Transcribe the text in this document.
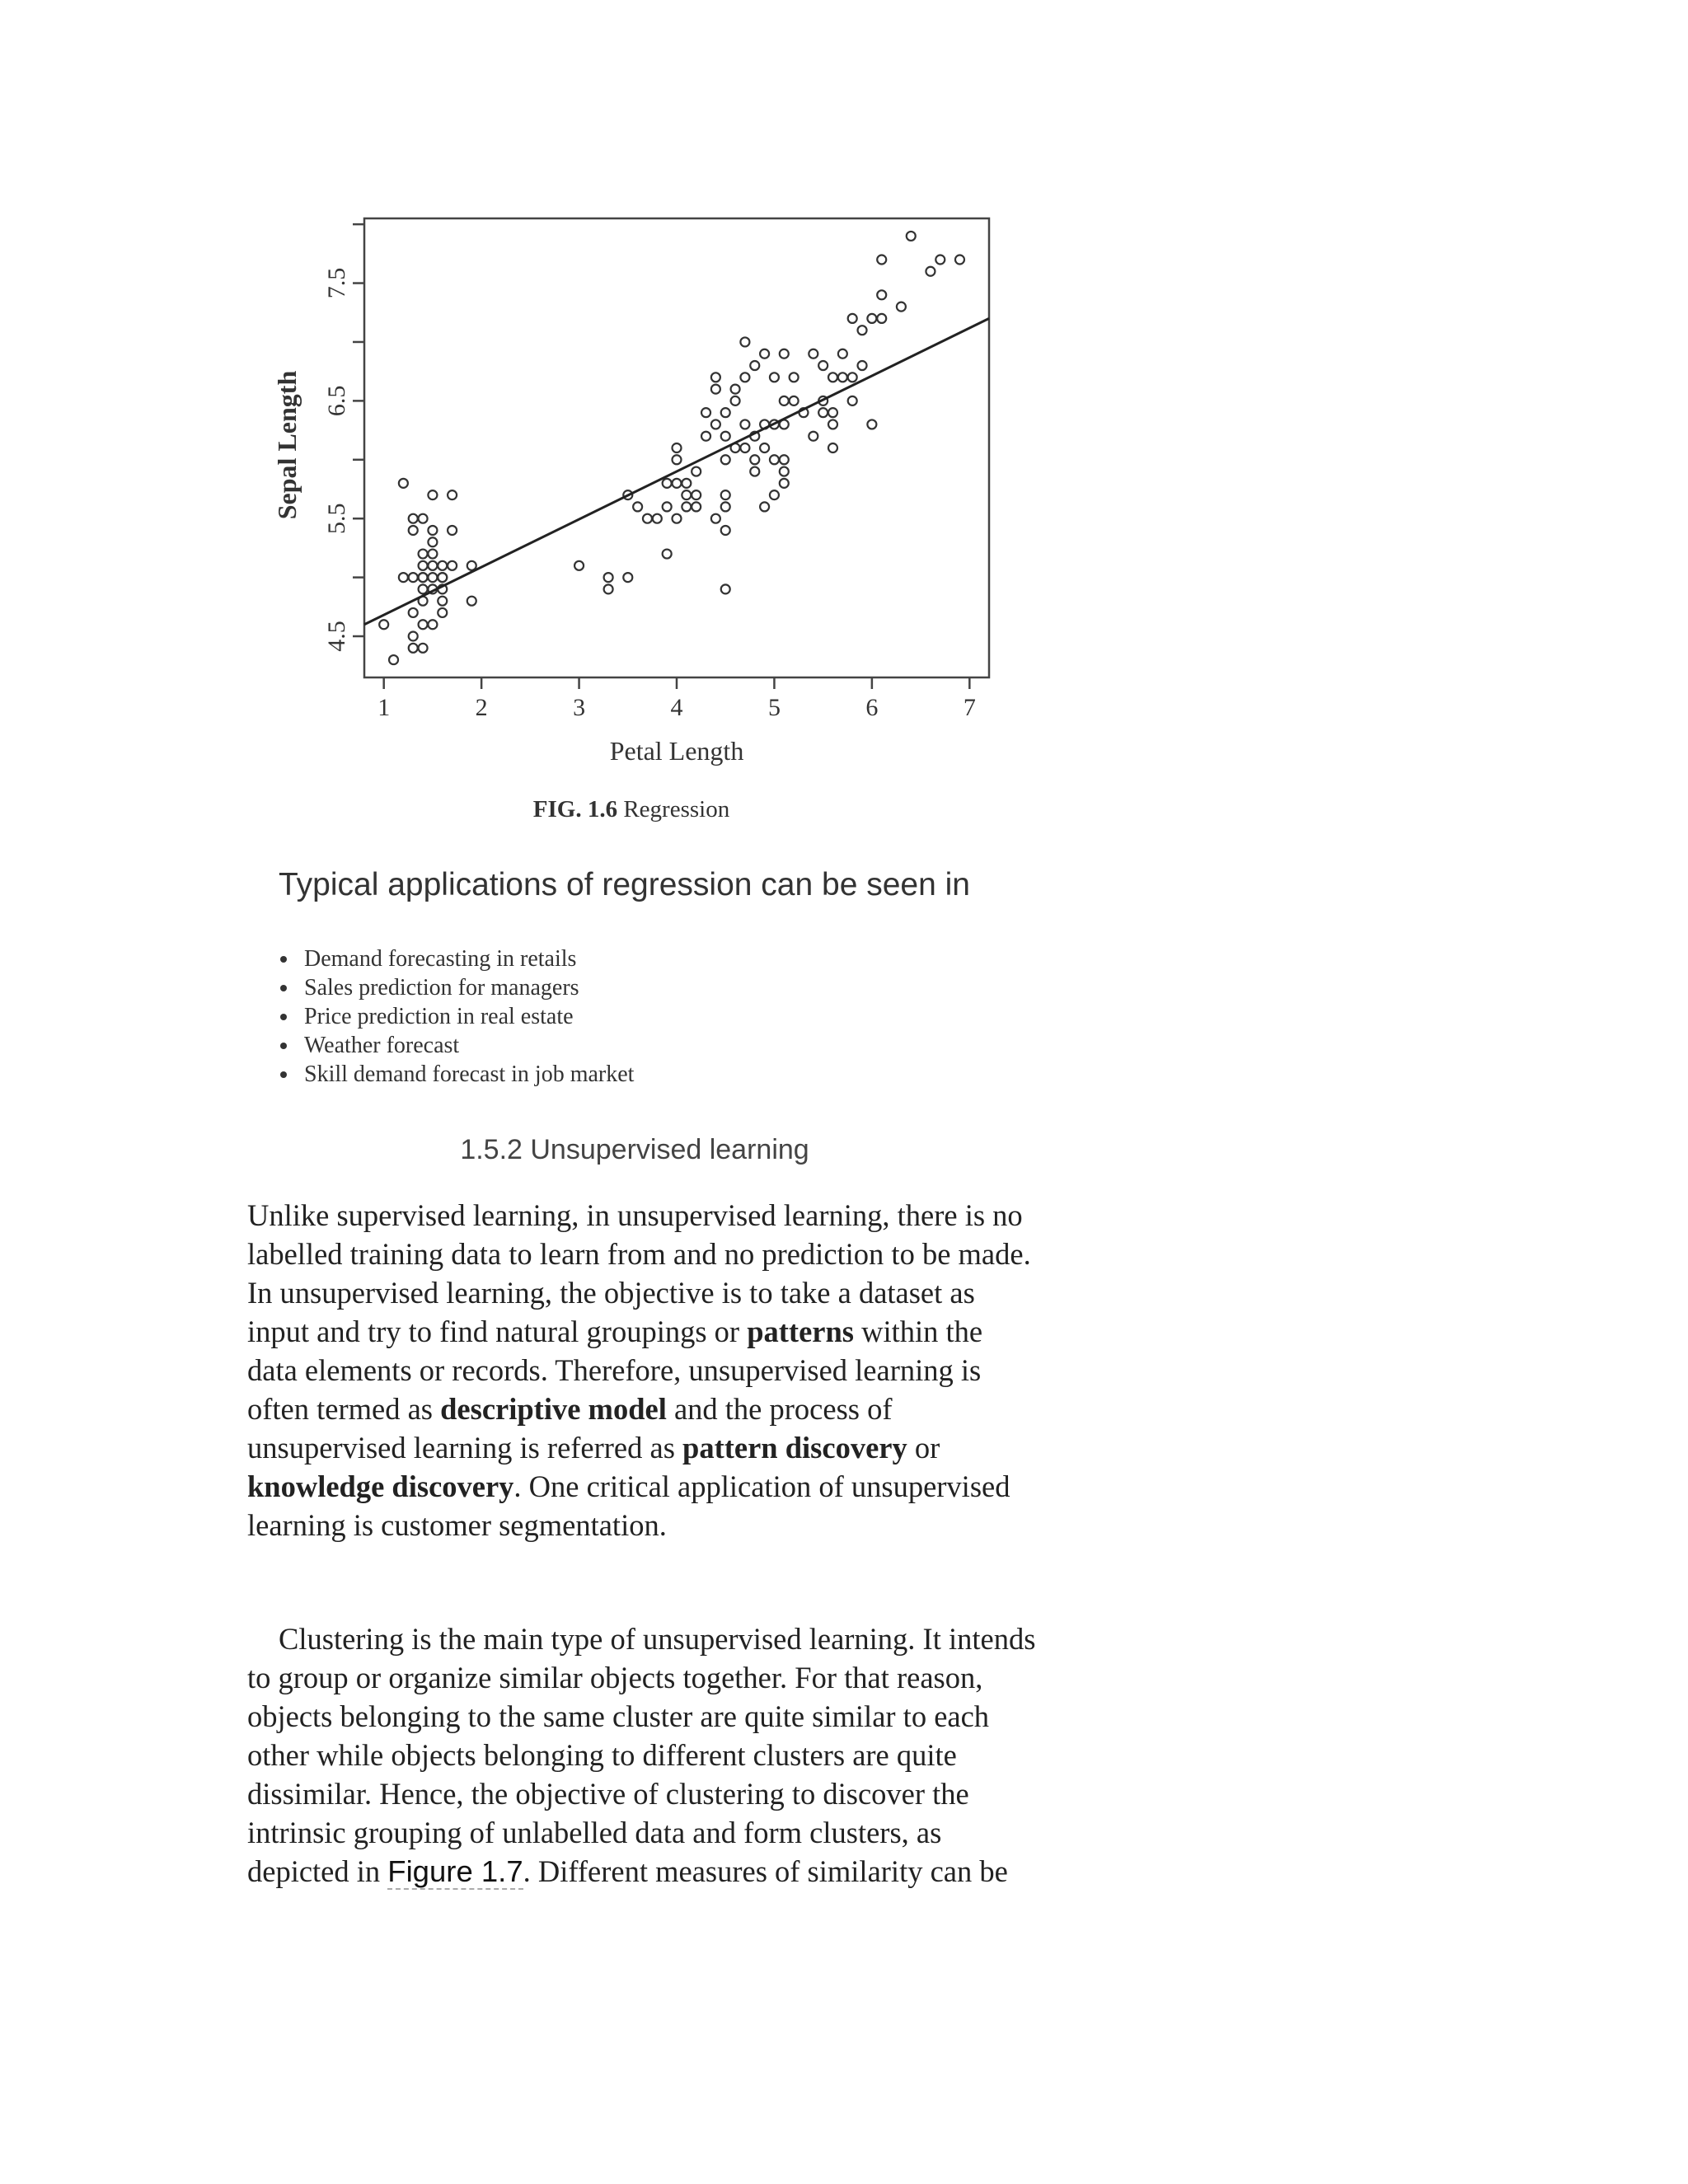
4.5
5.5
6.5
7.5
1	2	3	4	5	6	7
Petal Length
Sepal Length
FIG. 1.6 Regression
Typical applications of regression can be seen in
• Demand forecasting in retails
• Sales prediction for managers
• Price prediction in real estate
• Weather forecast
• Skill demand forecast in job market
1.5.2 Unsupervised learning

Unlike supervised learning, in unsupervised learning, there is no labelled training data to learn from and no prediction to be made. In unsupervised learning, the objective is to take a dataset as input and try to find natural groupings or patterns within the data elements or records. Therefore, unsupervised learning is often termed as descriptive model and the process of unsupervised learning is referred as pattern discovery or knowledge discovery. One critical application of unsupervised learning is customer segmentation.

Clustering is the main type of unsupervised learning. It intends to group or organize similar objects together. For that reason, objects belonging to the same cluster are quite similar to each other while objects belonging to different clusters are quite dissimilar. Hence, the objective of clustering to discover the intrinsic grouping of unlabelled data and form clusters, as depicted in Figure 1.7. Different measures of similarity can be
